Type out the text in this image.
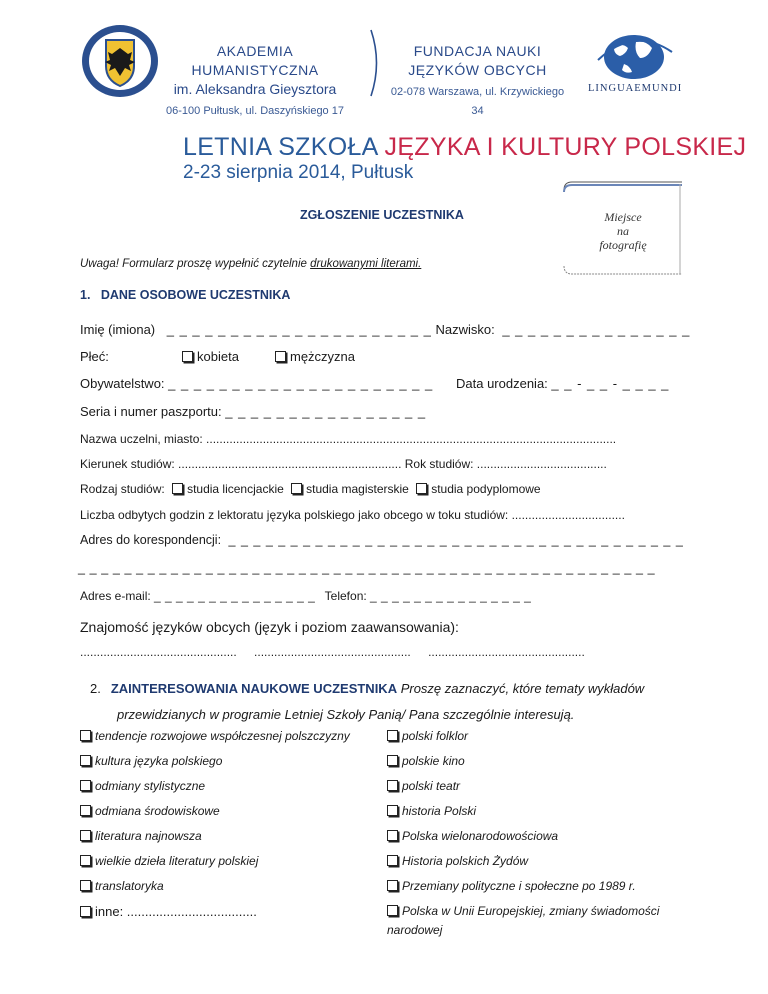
AKADEMIA HUMANISTYCZNA
im. Aleksandra Gieysztora
06-100 Pułtusk, ul. Daszyńskiego 17
FUNDACJA NAUKI
JĘZYKÓW OBCYCH
02-078 Warszawa, ul. Krzywickiego 34
LINGUAEMUNDI
LETNIA SZKOŁA JĘZYKA I KULTURY POLSKIEJ
2-23 sierpnia 2014, Pułtusk
Miejsce
na
fotografię
ZGŁOSZENIE UCZESTNIKA
Uwaga! Formularz proszę wypełnić czytelnie drukowanymi literami.
1.   DANE OSOBOWE UCZESTNIKA
Imię (imiona) _ _ _ _ _ _ _ _ _ _ _ _ _ _ _ _ _ _ _ _ _ Nazwisko: _ _ _ _ _ _ _ _ _ _ _ _ _ _ _
Płeć:	kobieta	mężczyzna
Obywatelstwo: _ _ _ _ _ _ _ _ _ _ _ _ _ _ _ _ _ _ _ _ _ Data urodzenia: _ _ - _ _ - _ _ _ _
Seria i numer paszportu: _ _ _ _ _ _ _ _ _ _ _ _ _ _ _ _
Nazwa uczelni, miasto: ...........................................................................................................................
Kierunek studiów: ................................................................... Rok studiów: .......................................
Rodzaj studiów: studia licencjackie studia magisterskie studia podyplomowe
Liczba odbytych godzin z lektoratu języka polskiego jako obcego w toku studiów: ..................................
Adres do korespondencji: _ _ _ _ _ _ _ _ _ _ _ _ _ _ _ _ _ _ _ _ _ _ _ _ _ _ _ _ _ _ _ _ _ _ _ _ _
_ _ _ _ _ _ _ _ _ _ _ _ _ _ _ _ _ _ _ _ _ _ _ _ _ _ _ _ _ _ _ _ _ _ _ _ _ _ _ _ _ _ _ _ _ _ _ _ _ _
Adres e-mail: _ _ _ _ _ _ _ _ _ _ _ _ _ _ _ Telefon: _ _ _ _ _ _ _ _ _ _ _ _ _ _ _
Znajomość języków obcych (język i poziom zaawansowania):
............................................... ............................................... ...............................................
2. ZAINTERESOWANIA NAUKOWE UCZESTNIKA Proszę zaznaczyć, które tematy wykładów
przewidzianych w programie Letniej Szkoły Panią/ Pana szczególnie interesują.
tendencje rozwojowe współczesnej polszczyzny
kultura języka polskiego
odmiany stylistyczne
odmiana środowiskowe
literatura najnowsza
wielkie dzieła literatury polskiej
translatoryka
inne: ....................................
polski folklor
polskie kino
polski teatr
historia Polski
Polska wielonarodowościowa
Historia polskich Żydów
Przemiany polityczne i społeczne po 1989 r.
Polska w Unii Europejskiej, zmiany świadomości
narodowej
